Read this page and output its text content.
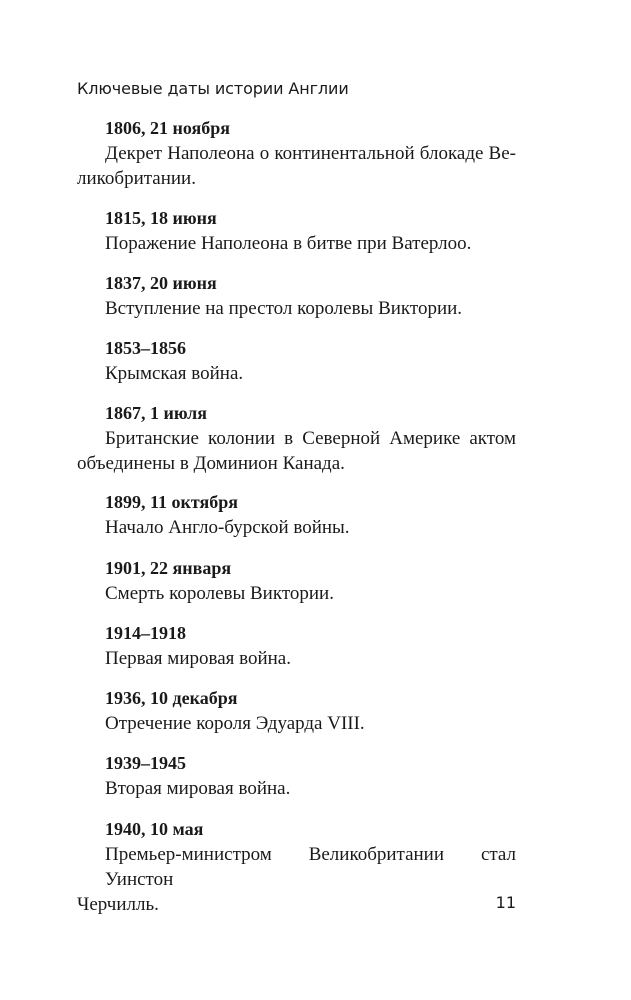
Ключевые даты истории Англии
1806, 21 ноября
Декрет Наполеона о континентальной блокаде Ве-
ликобритании.
1815, 18 июня
Поражение Наполеона в битве при Ватерлоо.
1837, 20 июня
Вступление на престол королевы Виктории.
1853–1856
Крымская война.
1867, 1 июля
Британские колонии в Северной Америке актом
объединены в Доминион Канада.
1899, 11 октября
Начало Англо-бурской войны.
1901, 22 января
Смерть королевы Виктории.
1914–1918
Первая мировая война.
1936, 10 декабря
Отречение короля Эдуарда VIII.
1939–1945
Вторая мировая война.
1940, 10 мая
Премьер-министром Великобритании стал Уинстон
Черчилль.	11
